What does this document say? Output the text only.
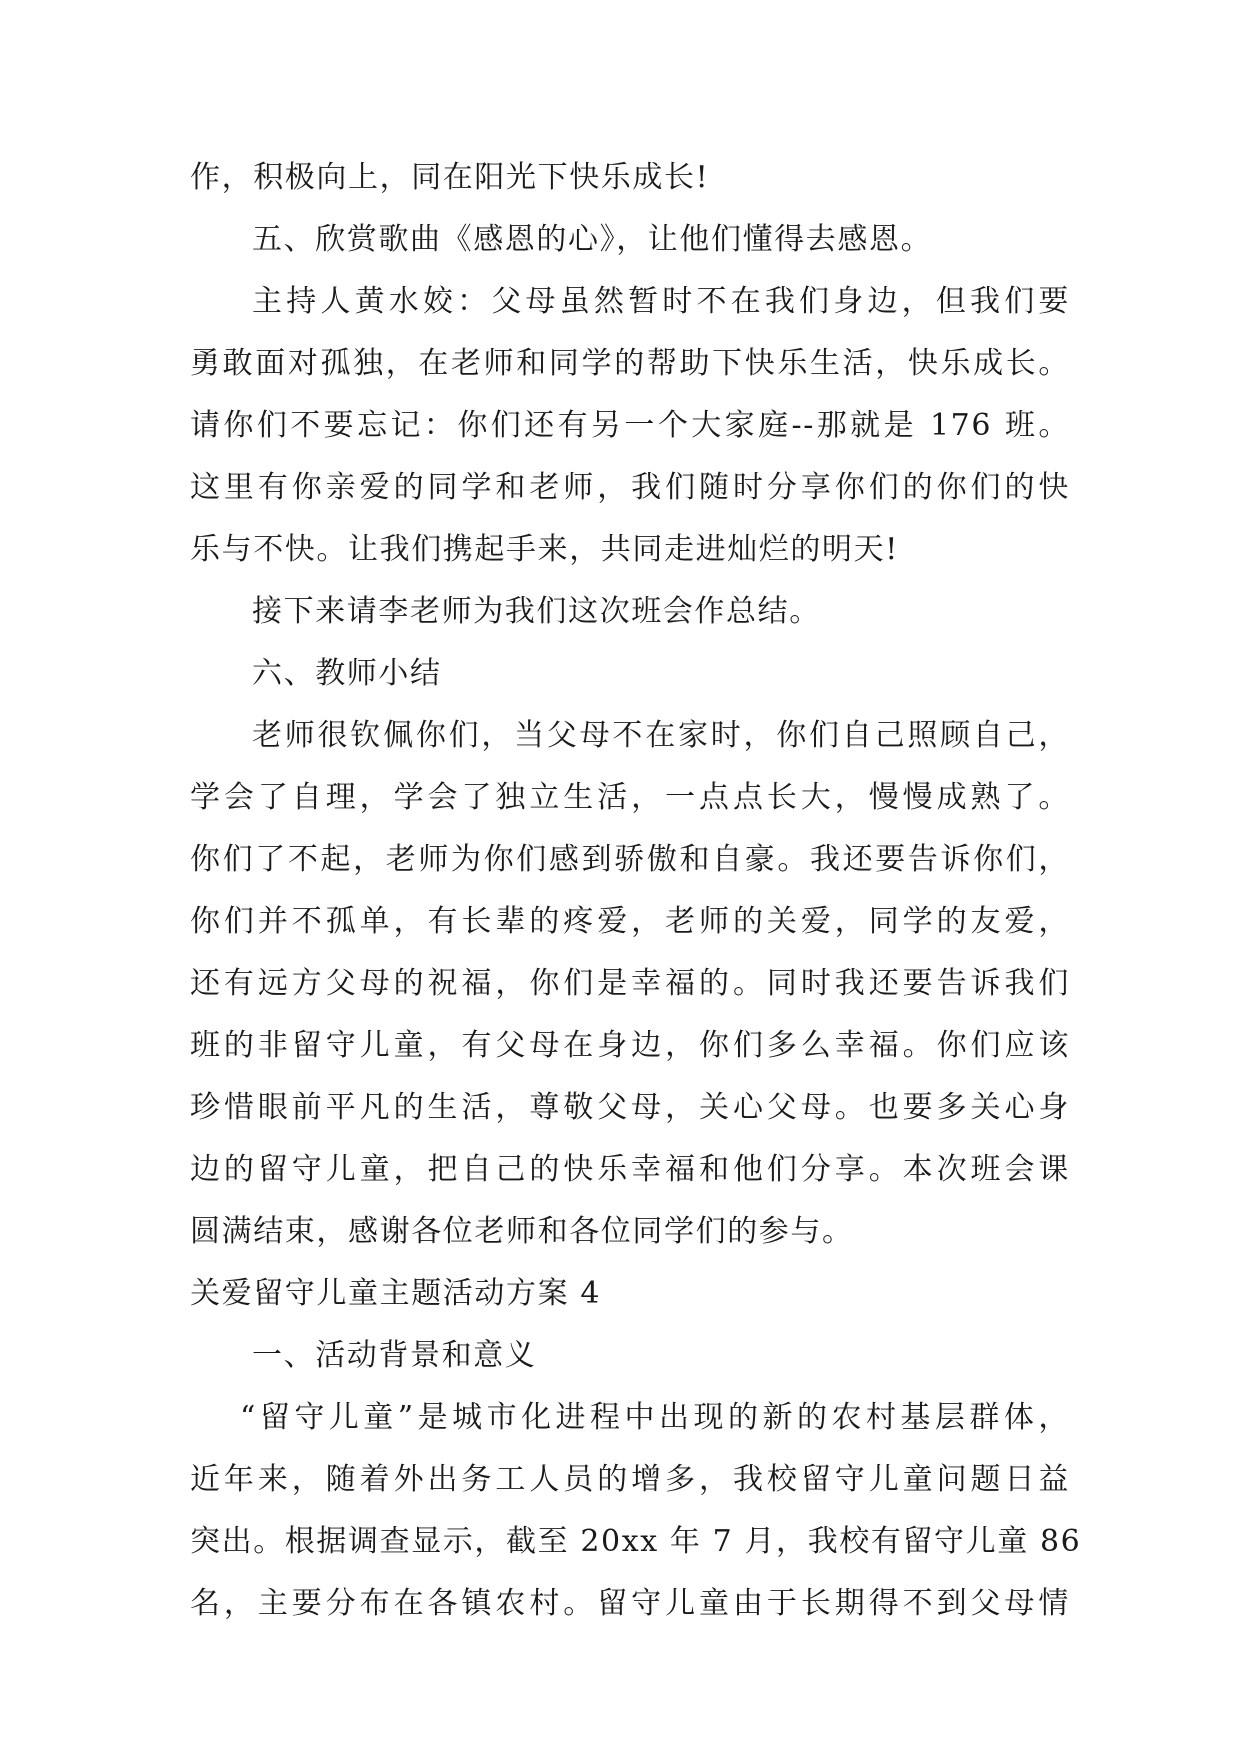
作，积极向上，同在阳光下快乐成长!
五、欣赏歌曲《感恩的心》，让他们懂得去感恩。
主持人黄水姣：父母虽然暂时不在我们身边，但我们要
勇敢面对孤独，在老师和同学的帮助下快乐生活，快乐成长。
请你们不要忘记：你们还有另一个大家庭--那就是 176 班。
这里有你亲爱的同学和老师，我们随时分享你们的你们的快
乐与不快。让我们携起手来，共同走进灿烂的明天!
接下来请李老师为我们这次班会作总结。
六、教师小结
老师很钦佩你们，当父母不在家时，你们自己照顾自己，
学会了自理，学会了独立生活，一点点长大，慢慢成熟了。
你们了不起，老师为你们感到骄傲和自豪。我还要告诉你们，
你们并不孤单，有长辈的疼爱，老师的关爱，同学的友爱，
还有远方父母的祝福，你们是幸福的。同时我还要告诉我们
班的非留守儿童，有父母在身边，你们多么幸福。你们应该
珍惜眼前平凡的生活，尊敬父母，关心父母。也要多关心身
边的留守儿童，把自己的快乐幸福和他们分享。本次班会课
圆满结束，感谢各位老师和各位同学们的参与。
关爱留守儿童主题活动方案 4
一、活动背景和意义
“留守儿童”是城市化进程中出现的新的农村基层群体，
近年来，随着外出务工人员的增多，我校留守儿童问题日益
突出。根据调查显示，截至 20xx 年 7 月，我校有留守儿童 86
名，主要分布在各镇农村。留守儿童由于长期得不到父母情
